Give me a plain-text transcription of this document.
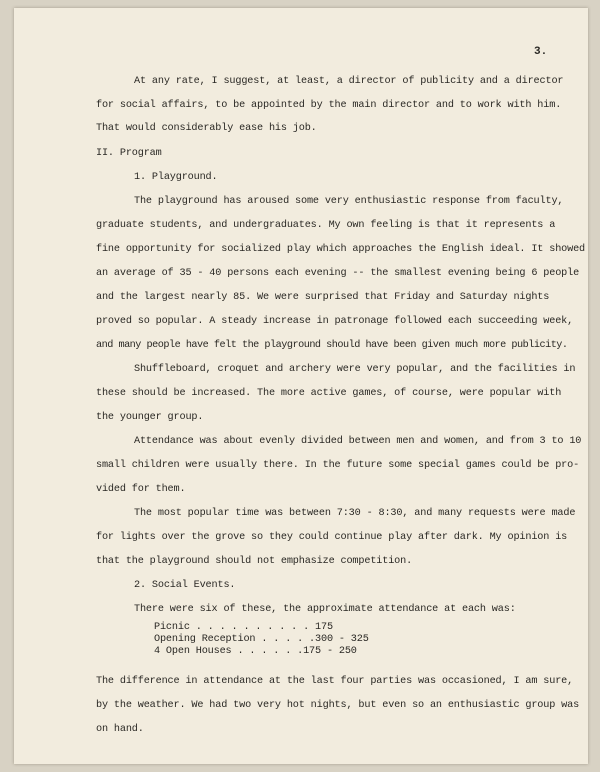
3.
At any rate, I suggest, at least, a director of publicity and a director
for social affairs, to be appointed by the main director and to work with him.
That would considerably ease his job.
II. Program
1. Playground.
The playground has aroused some very enthusiastic response from faculty,
graduate students, and undergraduates. My own feeling is that it represents a
fine opportunity for socialized play which approaches the English ideal. It showed
an average of 35 - 40 persons each evening -- the smallest evening being 6 people
and the largest nearly 85. We were surprised that Friday and Saturday nights
proved so popular. A steady increase in patronage followed each succeeding week,
and many people have felt the playground should have been given much more publicity.
Shuffleboard, croquet and archery were very popular, and the facilities in
these should be increased. The more active games, of course, were popular with
the younger group.
Attendance was about evenly divided between men and women, and from 3 to 10
small children were usually there. In the future some special games could be pro-
vided for them.
The most popular time was between 7:30 - 8:30, and many requests were made
for lights over the grove so they could continue play after dark. My opinion is
that the playground should not emphasize competition.
2. Social Events.
There were six of these, the approximate attendance at each was:
Picnic . . . . . . . . . . 175
Opening Reception . . . . .300 - 325
4 Open Houses . . . . . .175 - 250
The difference in attendance at the last four parties was occasioned, I am sure,
by the weather. We had two very hot nights, but even so an enthusiastic group was
on hand.
